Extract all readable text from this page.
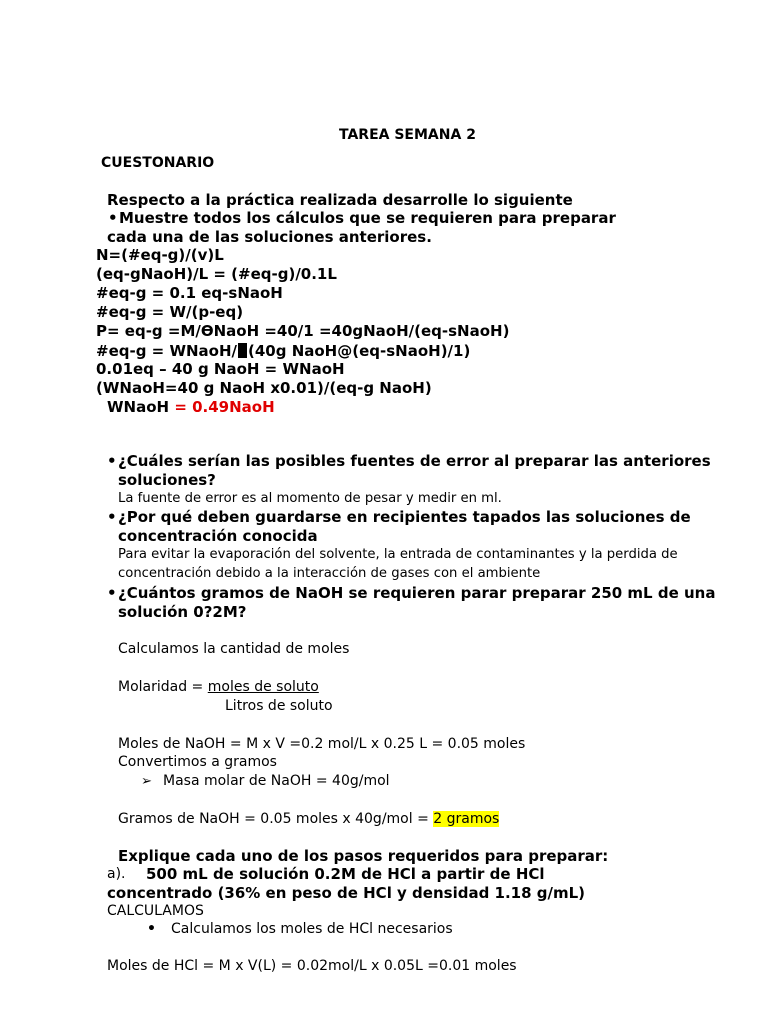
TAREA SEMANA 2
CUESTONARIO
Respecto a la práctica realizada desarrolle lo siguiente
• Muestre todos los cálculos que se requieren para preparar
cada una de las soluciones anteriores.
N=(#eq-g)/(v)L
(eq-gNaoH)/L = (#eq-g)/0.1L
#eq-g = 0.1 eq-sNaoH
#eq-g = W/(p-eq)
P= eq-g =M/ϴNaoH =40/1 =40gNaoH/(eq-sNaoH)
#eq-g = WNaoH/ (40g NaoH@(eq-sNaoH)/1)
0.01eq – 40 g NaoH = WNaoH
(WNaoH=40 g NaoH x0.01)/(eq-g NaoH)
WNaoH = 0.49NaoH
• ¿Cuáles serían las posibles fuentes de error al preparar las anteriores
soluciones?
La fuente de error es al momento de pesar y medir en ml.
• ¿Por qué deben guardarse en recipientes tapados las soluciones de
concentración conocida
Para evitar la evaporación del solvente, la entrada de contaminantes y la perdida de
concentración debido a la interacción de gases con el ambiente
• ¿Cuántos gramos de NaOH se requieren parar preparar 250 mL de una
solución 0?2M?
Calculamos la cantidad de moles
Molaridad = moles de soluto
Litros de soluto
Moles de NaOH = M x V =0.2 mol/L x 0.25 L = 0.05 moles
Convertimos a gramos
➢ Masa molar de NaOH = 40g/mol
Gramos de NaOH = 0.05 moles x 40g/mol = 2 gramos
Explique cada uno de los pasos requeridos para preparar:
a). 500 mL de solución 0.2M de HCl a partir de HCl
concentrado (36% en peso de HCl y densidad 1.18 g/mL)
CALCULAMOS
• Calculamos los moles de HCl necesarios
Moles de HCl = M x V(L) = 0.02mol/L x 0.05L =0.01 moles
